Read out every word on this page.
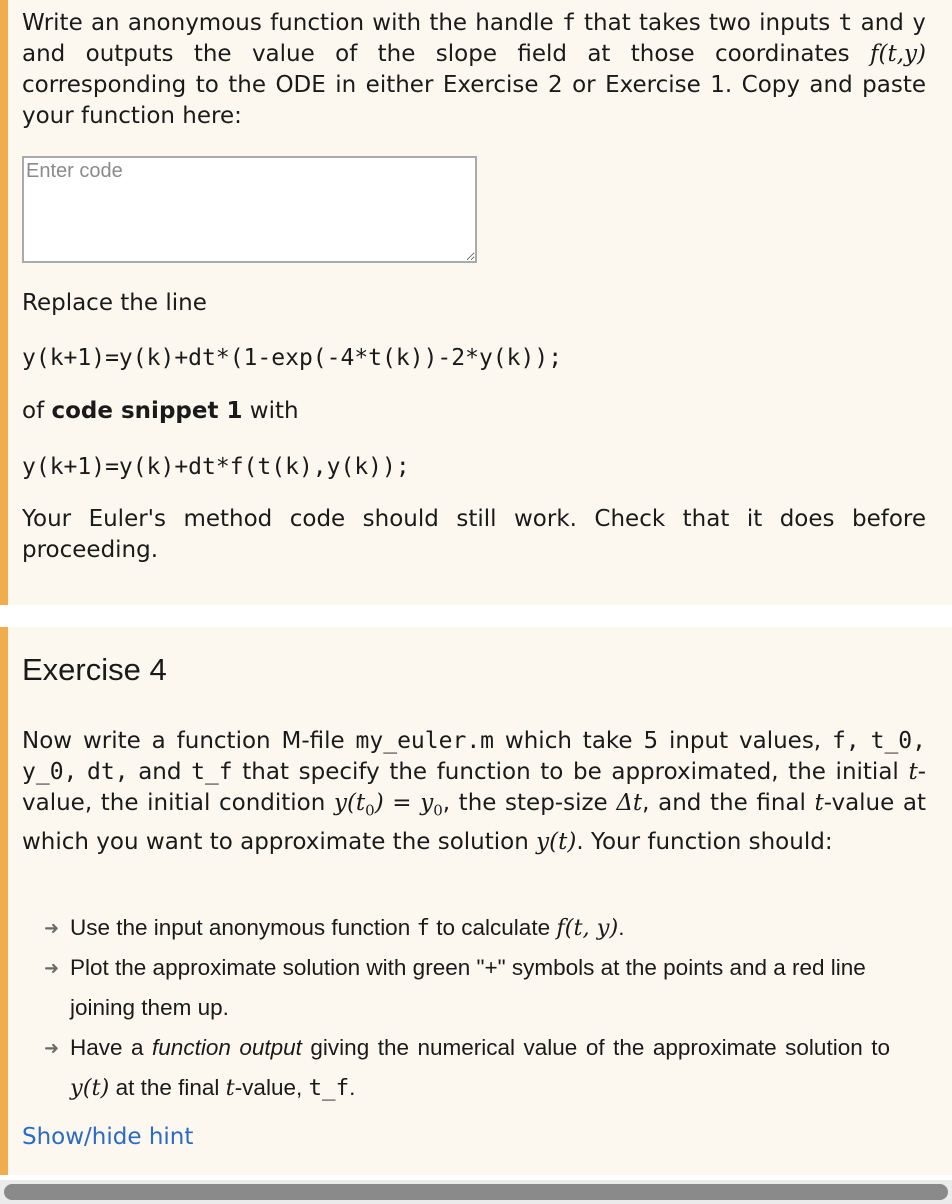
Write an anonymous function with the handle f that takes two inputs t and y and outputs the value of the slope field at those coordinates f(t,y) corresponding to the ODE in either Exercise 2 or Exercise 1. Copy and paste your function here:
Enter code
Replace the line
y(k+1)=y(k)+dt*(1-exp(-4*t(k))-2*y(k));
of code snippet 1 with
y(k+1)=y(k)+dt*f(t(k),y(k));
Your Euler's method code should still work. Check that it does before proceeding.
Exercise 4
Now write a function M-file my_euler.m which take 5 input values, f, t_0, y_0, dt, and t_f that specify the function to be approximated, the initial t-value, the initial condition $y(t_0) = y_0$, the step-size Δt, and the final t-value at which you want to approximate the solution y(t). Your function should:
➜ Use the input anonymous function f to calculate f(t, y).
➜ Plot the approximate solution with green "+" symbols at the points and a red line joining them up.
➜ Have a function output giving the numerical value of the approximate solution to y(t) at the final t-value, t_f.
Show/hide hint
